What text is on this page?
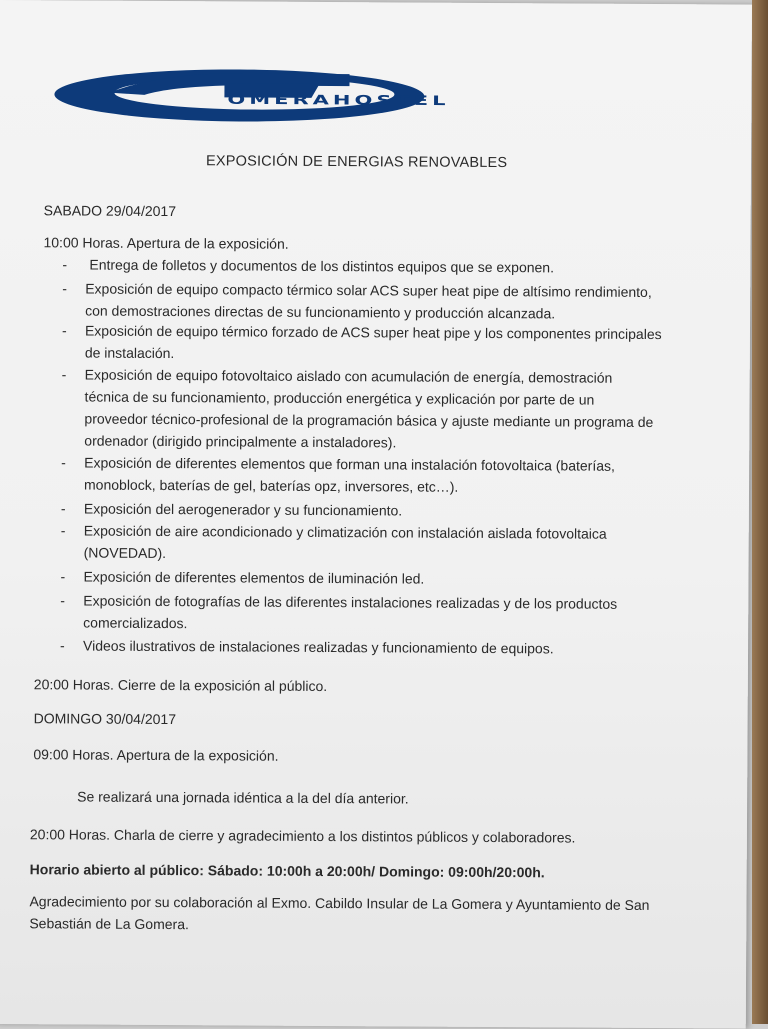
OMERAHOSTEL
EXPOSICIÓN DE ENERGIAS RENOVABLES
SABADO 29/04/2017
10:00 Horas. Apertura de la exposición.
- Entrega de folletos y documentos de los distintos equipos que se exponen.
- Exposición de equipo compacto térmico solar ACS super heat pipe de altísimo rendimiento,
con demostraciones directas de su funcionamiento y producción alcanzada.
- Exposición de equipo térmico forzado de ACS super heat pipe y los componentes principales
de instalación.
- Exposición de equipo fotovoltaico aislado con acumulación de energía, demostración
técnica de su funcionamiento, producción energética y explicación por parte de un
proveedor técnico-profesional de la programación básica y ajuste mediante un programa de
ordenador (dirigido principalmente a instaladores).
- Exposición de diferentes elementos que forman una instalación fotovoltaica (baterías,
monoblock, baterías de gel, baterías opz, inversores, etc…).
- Exposición del aerogenerador y su funcionamiento.
- Exposición de aire acondicionado y climatización con instalación aislada fotovoltaica
(NOVEDAD).
- Exposición de diferentes elementos de iluminación led.
- Exposición de fotografías de las diferentes instalaciones realizadas y de los productos
comercializados.
- Videos ilustrativos de instalaciones realizadas y funcionamiento de equipos.
20:00 Horas. Cierre de la exposición al público.
DOMINGO 30/04/2017
09:00 Horas. Apertura de la exposición.
Se realizará una jornada idéntica a la del día anterior.
20:00 Horas. Charla de cierre y agradecimiento a los distintos públicos y colaboradores.
Horario abierto al público: Sábado: 10:00h a 20:00h/ Domingo: 09:00h/20:00h.
Agradecimiento por su colaboración al Exmo. Cabildo Insular de La Gomera y Ayuntamiento de San
Sebastián de La Gomera.
